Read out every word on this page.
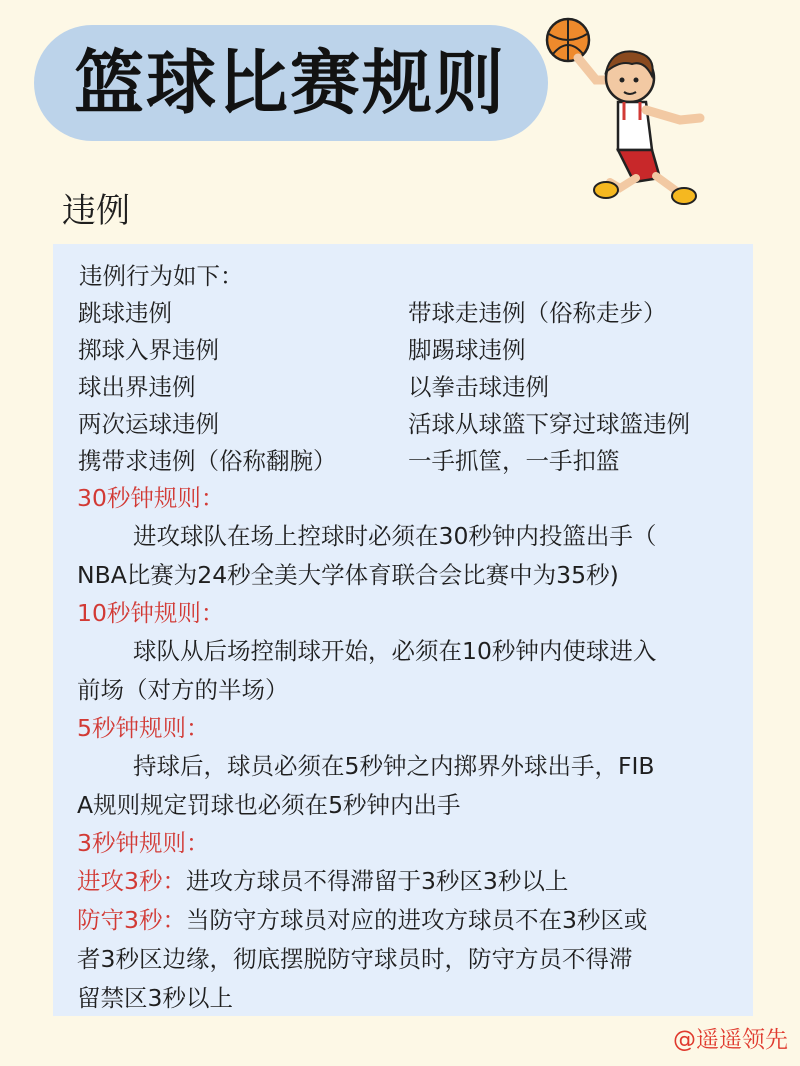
篮球比赛规则
违例
违例行为如下：
跳球违例	带球走违例（俗称走步）
掷球入界违例	脚踢球违例
球出界违例	以拳击球违例
两次运球违例	活球从球篮下穿过球篮违例
携带求违例（俗称翻腕）	一手抓筐，一手扣篮
30秒钟规则：
进攻球队在场上控球时必须在30秒钟内投篮出手（
NBA比赛为24秒全美大学体育联合会比赛中为35秒)
10秒钟规则：
球队从后场控制球开始，必须在10秒钟内使球进入
前场（对方的半场）
5秒钟规则：
持球后，球员必须在5秒钟之内掷界外球出手，FIB
A规则规定罚球也必须在5秒钟内出手
3秒钟规则：
进攻3秒：进攻方球员不得滞留于3秒区3秒以上
防守3秒：当防守方球员对应的进攻方球员不在3秒区或
者3秒区边缘，彻底摆脱防守球员时，防守方员不得滞
留禁区3秒以上
@遥遥领先
